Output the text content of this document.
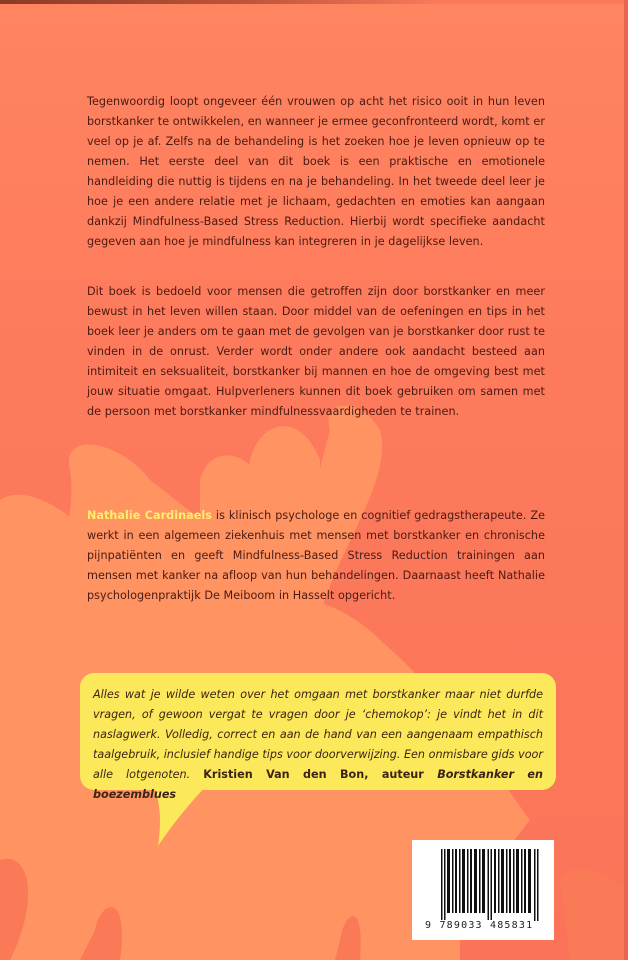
Tegenwoordig loopt ongeveer één vrouwen op acht het risico ooit in hun leven borstkanker te ontwikkelen, en wanneer je ermee geconfronteerd wordt, komt er veel op je af. Zelfs na de behandeling is het zoeken hoe je leven opnieuw op te nemen. Het eerste deel van dit boek is een praktische en emotionele handleiding die nuttig is tijdens en na je behandeling. In het tweede deel leer je hoe je een andere relatie met je lichaam, gedachten en emoties kan aangaan dankzij Mindfulness-Based Stress Reduction. Hierbij wordt specifieke aandacht gegeven aan hoe je mindfulness kan integreren in je dagelijkse leven.

Dit boek is bedoeld voor mensen die getroffen zijn door borstkanker en meer bewust in het leven willen staan. Door middel van de oefeningen en tips in het boek leer je anders om te gaan met de gevolgen van je borstkanker door rust te vinden in de onrust. Verder wordt onder andere ook aandacht besteed aan intimiteit en seksualiteit, borstkanker bij mannen en hoe de omgeving best met jouw situatie omgaat. Hulpverleners kunnen dit boek gebruiken om samen met de persoon met borstkanker mindfulnessvaardigheden te trainen.

Nathalie Cardinaels is klinisch psychologe en cognitief gedragstherapeute. Ze werkt in een algemeen ziekenhuis met mensen met borstkanker en chronische pijnpatiënten en geeft Mindfulness-Based Stress Reduction trainingen aan mensen met kanker na afloop van hun behandelingen. Daarnaast heeft Nathalie psychologenpraktijk De Meiboom in Hasselt opgericht.

Alles wat je wilde weten over het omgaan met borstkanker maar niet durfde vragen, of gewoon vergat te vragen door je ‘chemokop’: je vindt het in dit naslagwerk. Volledig, correct en aan de hand van een aangenaam empathisch taalgebruik, inclusief handige tips voor doorverwijzing. Een onmisbare gids voor alle lotgenoten. Kristien Van den Bon, auteur Borstkanker en boezemblues

9 789033 485831
